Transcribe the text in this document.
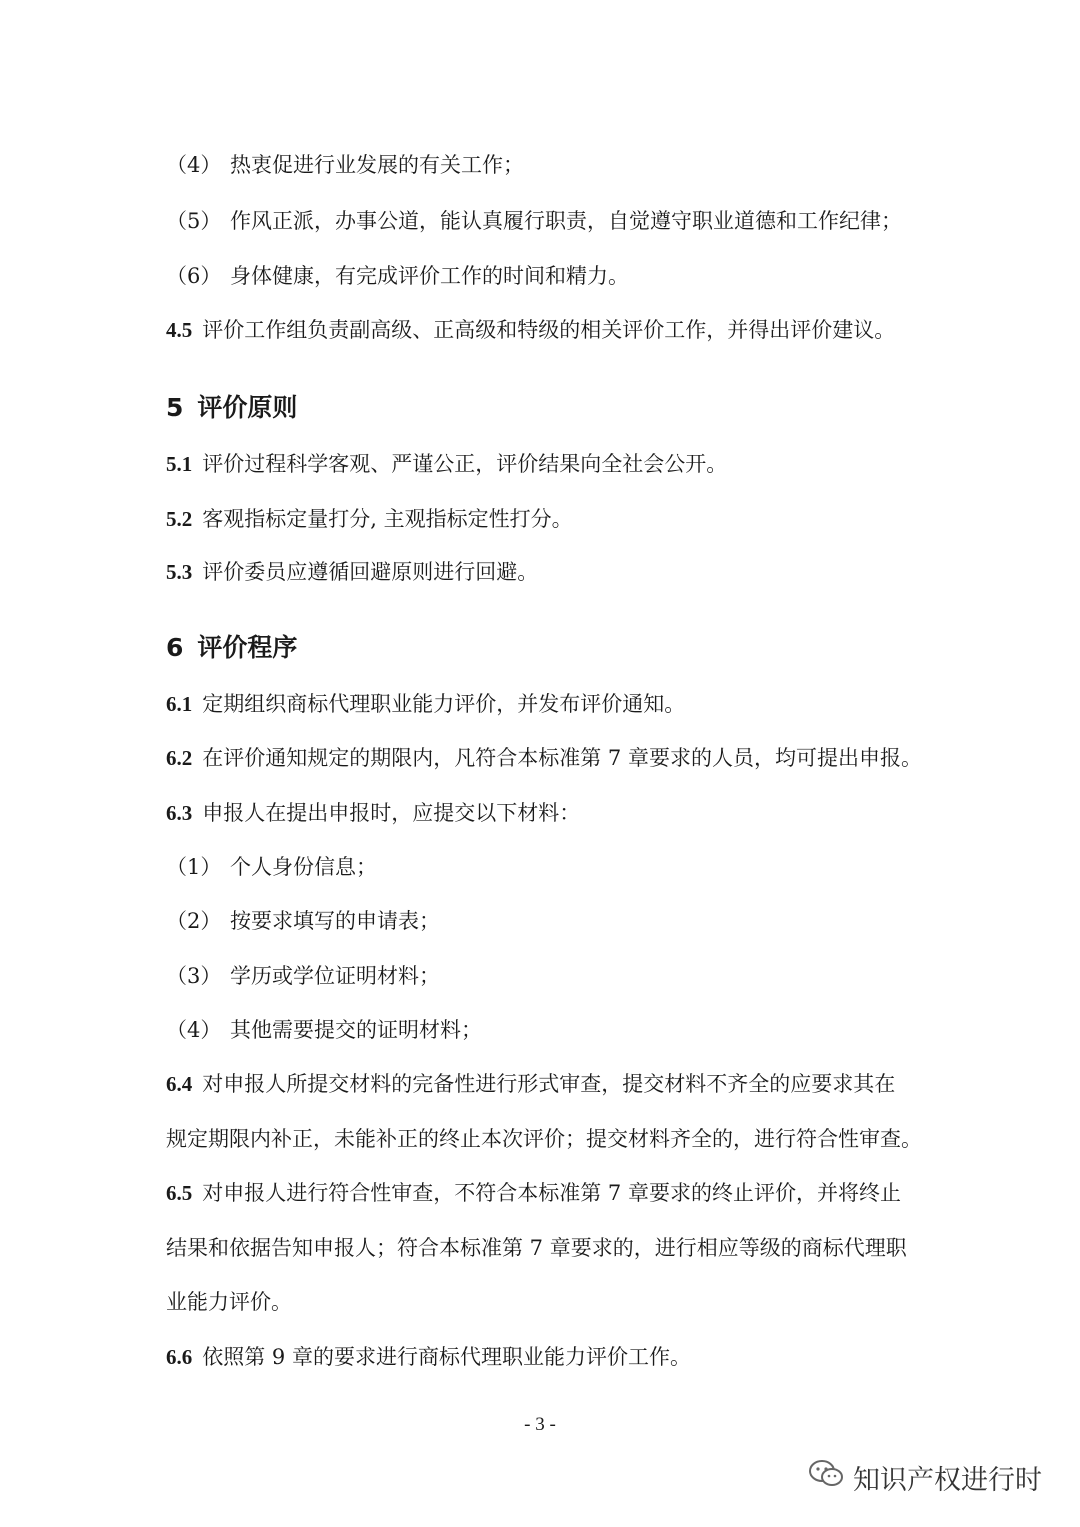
（4） 热衷促进行业发展的有关工作；

（5） 作风正派，办事公道，能认真履行职责，自觉遵守职业道德和工作纪律；

（6） 身体健康，有完成评价工作的时间和精力。

4.5 评价工作组负责副高级、正高级和特级的相关评价工作，并得出评价建议。

5 评价原则

5.1 评价过程科学客观、严谨公正，评价结果向全社会公开。

5.2 客观指标定量打分, 主观指标定性打分。

5.3 评价委员应遵循回避原则进行回避。

6 评价程序

6.1 定期组织商标代理职业能力评价，并发布评价通知。

6.2 在评价通知规定的期限内，凡符合本标准第 7 章要求的人员，均可提出申报。

6.3 申报人在提出申报时，应提交以下材料：

（1） 个人身份信息；

（2） 按要求填写的申请表；

（3） 学历或学位证明材料；

（4） 其他需要提交的证明材料；

6.4 对申报人所提交材料的完备性进行形式审查，提交材料不齐全的应要求其在

规定期限内补正，未能补正的终止本次评价；提交材料齐全的，进行符合性审查。

6.5 对申报人进行符合性审查，不符合本标准第 7 章要求的终止评价，并将终止

结果和依据告知申报人；符合本标准第 7 章要求的，进行相应等级的商标代理职

业能力评价。

6.6 依照第 9 章的要求进行商标代理职业能力评价工作。

- 3 -
知识产权进行时
